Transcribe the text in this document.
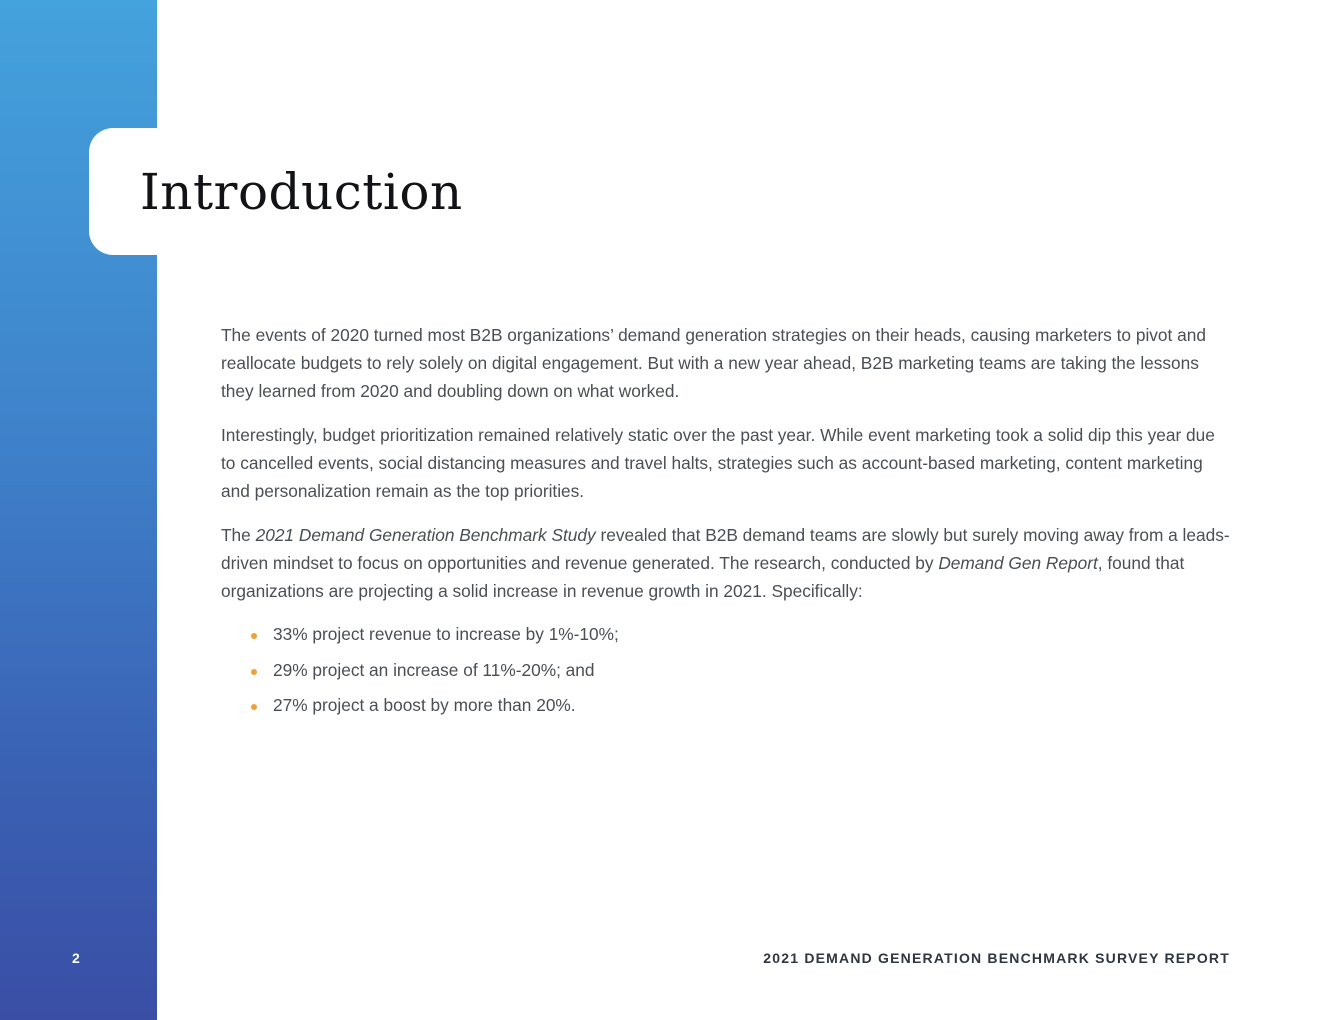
Introduction

The events of 2020 turned most B2B organizations’ demand generation strategies on their heads, causing marketers to pivot and reallocate budgets to rely solely on digital engagement. But with a new year ahead, B2B marketing teams are taking the lessons they learned from 2020 and doubling down on what worked.

Interestingly, budget prioritization remained relatively static over the past year. While event marketing took a solid dip this year due to cancelled events, social distancing measures and travel halts, strategies such as account-based marketing, content marketing and personalization remain as the top priorities.

The 2021 Demand Generation Benchmark Study revealed that B2B demand teams are slowly but surely moving away from a leads-driven mindset to focus on opportunities and revenue generated. The research, conducted by Demand Gen Report, found that organizations are projecting a solid increase in revenue growth in 2021. Specifically:

33% project revenue to increase by 1%-10%;
29% project an increase of 11%-20%; and
27% project a boost by more than 20%.
2	2021 DEMAND GENERATION BENCHMARK SURVEY REPORT
